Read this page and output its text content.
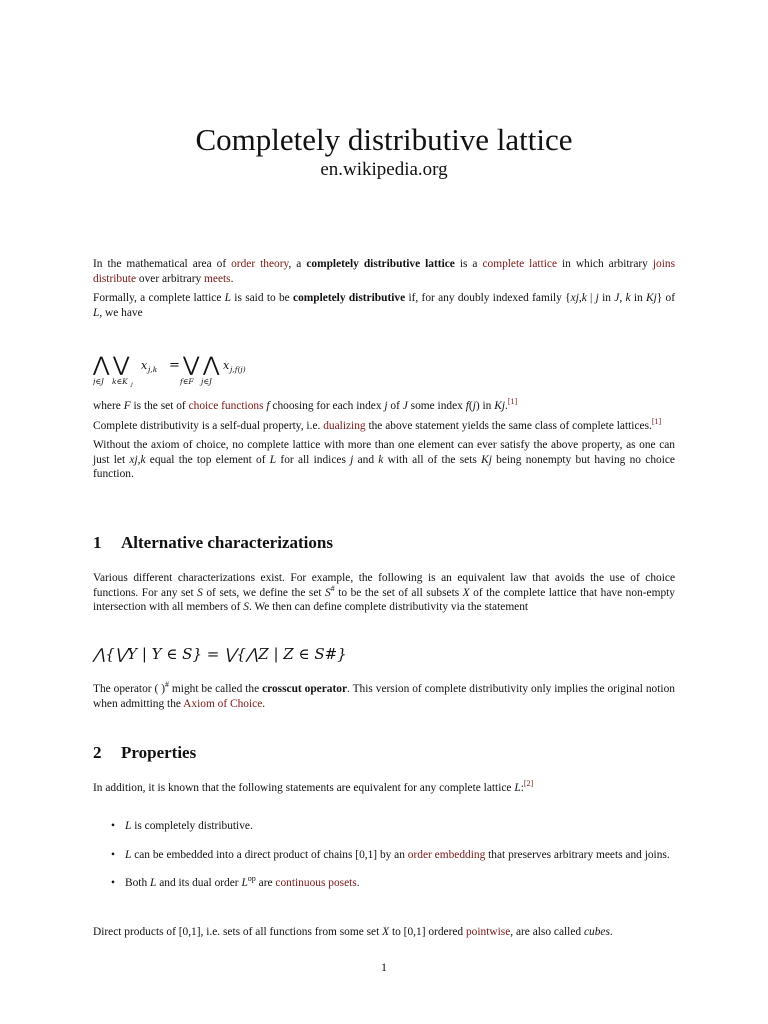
Completely distributive lattice
en.wikipedia.org

In the mathematical area of order theory, a completely distributive lattice is a complete lattice in which arbitrary joins distribute over arbitrary meets.

Formally, a complete lattice L is said to be completely distributive if, for any doubly indexed family {xj,k | j in J, k in Kj} of L, we have

⋀ ⋁ x j,k = ⋁ ⋀ x j,f(j)
j∈J k∈K j	f∈F j∈J

where F is the set of choice functions f choosing for each index j of J some index f(j) in Kj.[1]

Complete distributivity is a self-dual property, i.e. dualizing the above statement yields the same class of complete lattices.[1]

Without the axiom of choice, no complete lattice with more than one element can ever satisfy the above property, as one can just let xj,k equal the top element of L for all indices j and k with all of the sets Kj being nonempty but having no choice function.

1 Alternative characterizations

Various different characterizations exist. For example, the following is an equivalent law that avoids the use of choice functions. For any set S of sets, we define the set S# to be the set of all subsets X of the complete lattice that have non-empty intersection with all members of S. We then can define complete distributivity via the statement

⋀{⋁Y | Y ∈ S} = ⋁{⋀Z | Z ∈ S#}

The operator ( )# might be called the crosscut operator. This version of complete distributivity only implies the original notion when admitting the Axiom of Choice.

2 Properties

In addition, it is known that the following statements are equivalent for any complete lattice L:[2]

• L is completely distributive.
• L can be embedded into a direct product of chains [0,1] by an order embedding that preserves arbitrary meets and joins.
• Both L and its dual order $L^{op}$ are continuous posets.

Direct products of [0,1], i.e. sets of all functions from some set X to [0,1] ordered pointwise, are also called cubes.

1
